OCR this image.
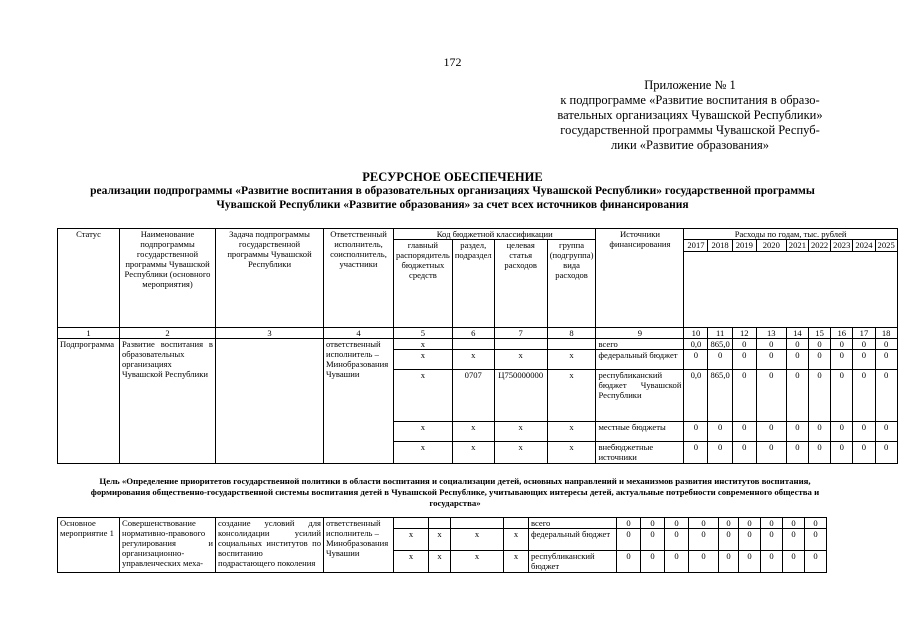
172
Приложение № 1
к подпрограмме «Развитие воспитания в образо-
вательных организациях Чувашской Республики»
государственной программы Чувашской Респуб-
лики «Развитие образования»
РЕСУРСНОЕ ОБЕСПЕЧЕНИЕ
реализации подпрограммы «Развитие воспитания в образовательных организациях Чувашской Республики» государственной программы Чувашской Республики «Развитие образования» за счет всех источников финансирования
Статус	Наименование подпрограммы государственной программы Чувашской Республики (основного мероприятия)	Задача подпрограммы государственной программы Чувашской Республики	Ответственный исполнитель, соисполнитель, участники	Код бюджетной классификации				Источники финансирования	Расходы по годам, тыс. рублей								
				главный распорядитель бюджетных средств	раздел, подраздел	целевая статья расходов	группа (подгруппа) вида расходов		2017	2018	2019	2020	2021	2022	2023	2024	2025

1	2	3	4	5	6	7	8	9	10	11	12	13	14	15	16	17	18
Подпрограмма	Развитие воспитания в образовательных организациях Чувашской Республики		ответственный исполнитель – Минобразования Чувашии	x				всего	0,0	865,0	0	0	0	0	0	0	0
				x	x	x	x	федеральный бюджет	0	0	0	0	0	0	0	0	0
				x	0707	Ц750000000	x	республиканский бюджет Чувашской Республики	0,0	865,0	0	0	0	0	0	0	0
				x	x	x	x	местные бюджеты	0	0	0	0	0	0	0	0	0
				x	x	x	x	внебюджетные источники	0	0	0	0	0	0	0	0	0
Цель «Определение приоритетов государственной политики в области воспитания и социализации детей, основных направлений и механизмов развития институтов воспитания, формирования общественно-государственной системы воспитания детей в Чувашской Республике, учитывающих интересы детей, актуальные потребности современного общества и государства»
Основное мероприятие 1	Совершенствование нормативно-правового регулирования и организационно-управленческих меха-	создание условий для консолидации усилий социальных институтов по воспитанию подрастающего поколения	ответственный исполнитель – Минобразования Чувашии					всего	0	0	0	0	0	0	0	0	0
				x	x	x	x	федеральный бюджет	0	0	0	0	0	0	0	0	0
				x	x	x	x	республиканский бюджет	0	0	0	0	0	0	0	0	0
